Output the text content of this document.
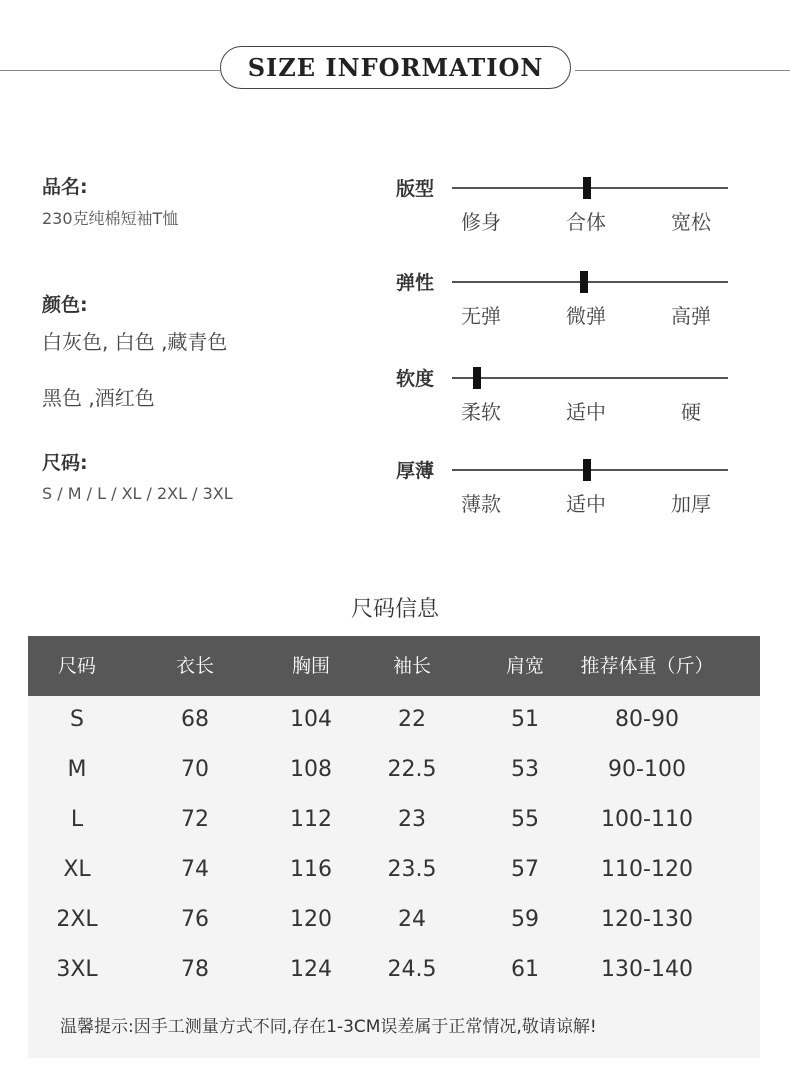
SIZE INFORMATION
品名:
230克纯棉短袖T恤
颜色:
白灰色, 白色 ,藏青色
黑色 ,酒红色
尺码:
S / M / L / XL / 2XL / 3XL
版型
修身	合体	宽松
弹性
无弹	微弹	高弹
软度
柔软	适中	硬
厚薄
薄款	适中	加厚
尺码信息
尺码	衣长	胸围	袖长	肩宽	推荐体重（斤）
S	68	104	22	51	80-90
M	70	108	22.5	53	90-100
L	72	112	23	55	100-110
XL	74	116	23.5	57	110-120
2XL	76	120	24	59	120-130
3XL	78	124	24.5	61	130-140
温馨提示:因手工测量方式不同,存在1-3CM误差属于正常情况,敬请谅解!
